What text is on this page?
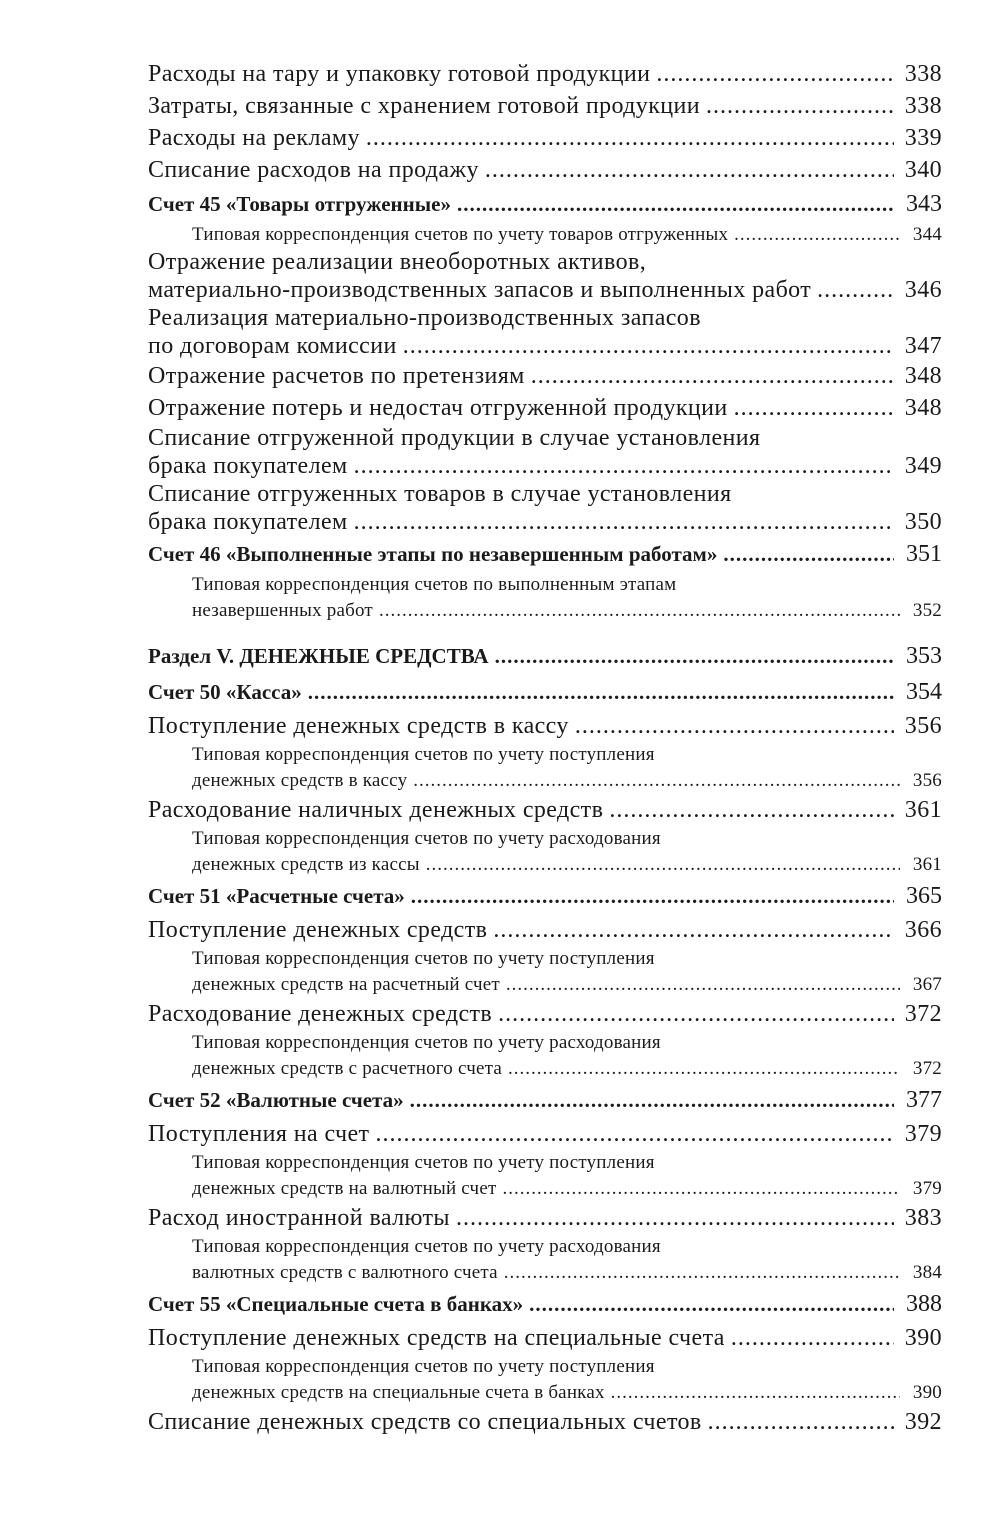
Расходы на тару и упаковку готовой продукции .....	338
Затраты, связанные с хранением готовой продукции .....	338
Расходы на рекламу .....	339
Списание расходов на продажу .....	340
Счет 45 «Товары отгруженные» .....	343
Типовая корреспонденция счетов по учету товаров отгруженных .....	344
Отражение реализации внеоборотных активов,
материально-производственных запасов и выполненных работ .....	346
Реализация материально-производственных запасов
по договорам комиссии .....	347
Отражение расчетов по претензиям .....	348
Отражение потерь и недостач отгруженной продукции .....	348
Списание отгруженной продукции в случае установления
брака покупателем .....	349
Списание отгруженных товаров в случае установления
брака покупателем .....	350
Счет 46 «Выполненные этапы по незавершенным работам» .....	351
Типовая корреспонденция счетов по выполненным этапам
незавершенных работ .....	352
Раздел V. ДЕНЕЖНЫЕ СРЕДСТВА .....	353
Счет 50 «Касса» .....	354
Поступление денежных средств в кассу .....	356
Типовая корреспонденция счетов по учету поступления
денежных средств в кассу .....	356
Расходование наличных денежных средств .....	361
Типовая корреспонденция счетов по учету расходования
денежных средств из кассы .....	361
Счет 51 «Расчетные счета» .....	365
Поступление денежных средств .....	366
Типовая корреспонденция счетов по учету поступления
денежных средств на расчетный счет .....	367
Расходование денежных средств .....	372
Типовая корреспонденция счетов по учету расходования
денежных средств с расчетного счета .....	372
Счет 52 «Валютные счета» .....	377
Поступления на счет .....	379
Типовая корреспонденция счетов по учету поступления
денежных средств на валютный счет .....	379
Расход иностранной валюты .....	383
Типовая корреспонденция счетов по учету расходования
валютных средств с валютного счета .....	384
Счет 55 «Специальные счета в банках» .....	388
Поступление денежных средств на специальные счета .....	390
Типовая корреспонденция счетов по учету поступления
денежных средств на специальные счета в банках .....	390
Списание денежных средств со специальных счетов .....	392
